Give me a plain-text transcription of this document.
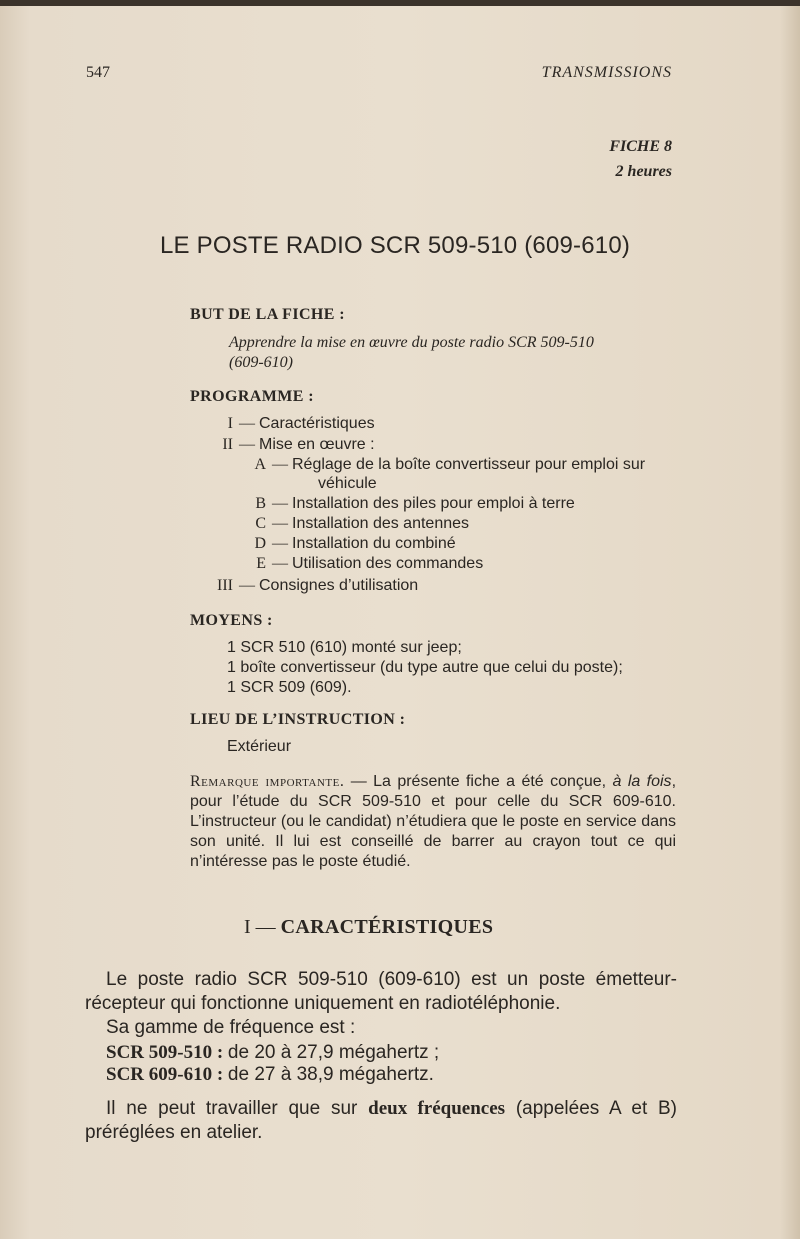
547	TRANSMISSIONS
FICHE 8
2 heures
LE POSTE RADIO SCR 509-510 (609-610)
BUT DE LA FICHE :
Apprendre la mise en œuvre du poste radio SCR 509-510
(609-610)
PROGRAMME :
I — Caractéristiques
II — Mise en œuvre :
A — Réglage de la boîte convertisseur pour emploi sur
véhicule
B — Installation des piles pour emploi à terre
C — Installation des antennes
D — Installation du combiné
E — Utilisation des commandes
III — Consignes d’utilisation
MOYENS :
1 SCR 510 (610) monté sur jeep;
1 boîte convertisseur (du type autre que celui du poste);
1 SCR 509 (609).
LIEU DE L’INSTRUCTION :
Extérieur
Remarque importante. — La présente fiche a été conçue, à la fois, pour l’étude du SCR 509-510 et pour celle du SCR 609-610. L’instructeur (ou le candidat) n’étudiera que le poste en service dans son unité. Il lui est conseillé de barrer au crayon tout ce qui n’intéresse pas le poste étudié.
I — CARACTÉRISTIQUES
Le poste radio SCR 509-510 (609-610) est un poste émetteur-récepteur qui fonctionne uniquement en radiotéléphonie.
Sa gamme de fréquence est :
SCR 509-510 : de 20 à 27,9 mégahertz ;
SCR 609-610 : de 27 à 38,9 mégahertz.
Il ne peut travailler que sur deux fréquences (appelées A et B) préréglées en atelier.
